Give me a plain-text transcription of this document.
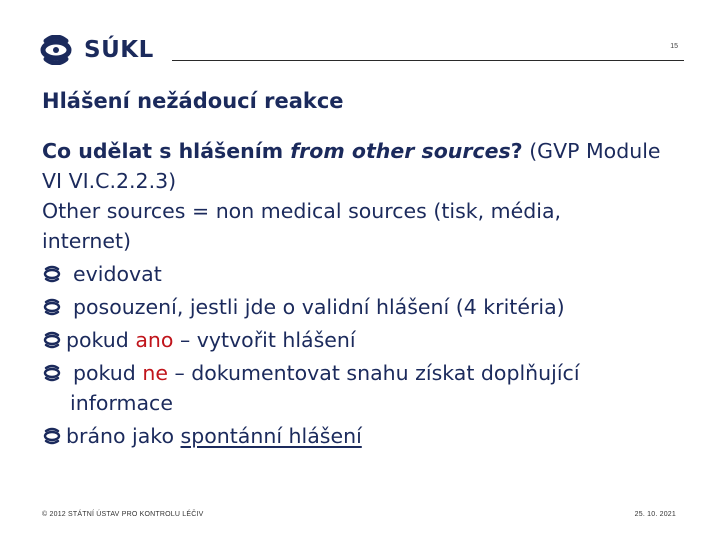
SÚKL	15
Hlášení nežádoucí reakce

Co udělat s hlášením from other sources? (GVP Module

VI VI.C.2.2.3)

Other sources = non medical sources (tisk, média,

internet)

evidovat
posouzení, jestli jde o validní hlášení (4 kritéria)
pokud ano – vytvořit hlášení
pokud ne – dokumentovat snahu získat doplňující

informace

bráno jako spontánní hlášení
© 2012 STÁTNÍ ÚSTAV PRO KONTROLU LÉČIV	25. 10. 2021
